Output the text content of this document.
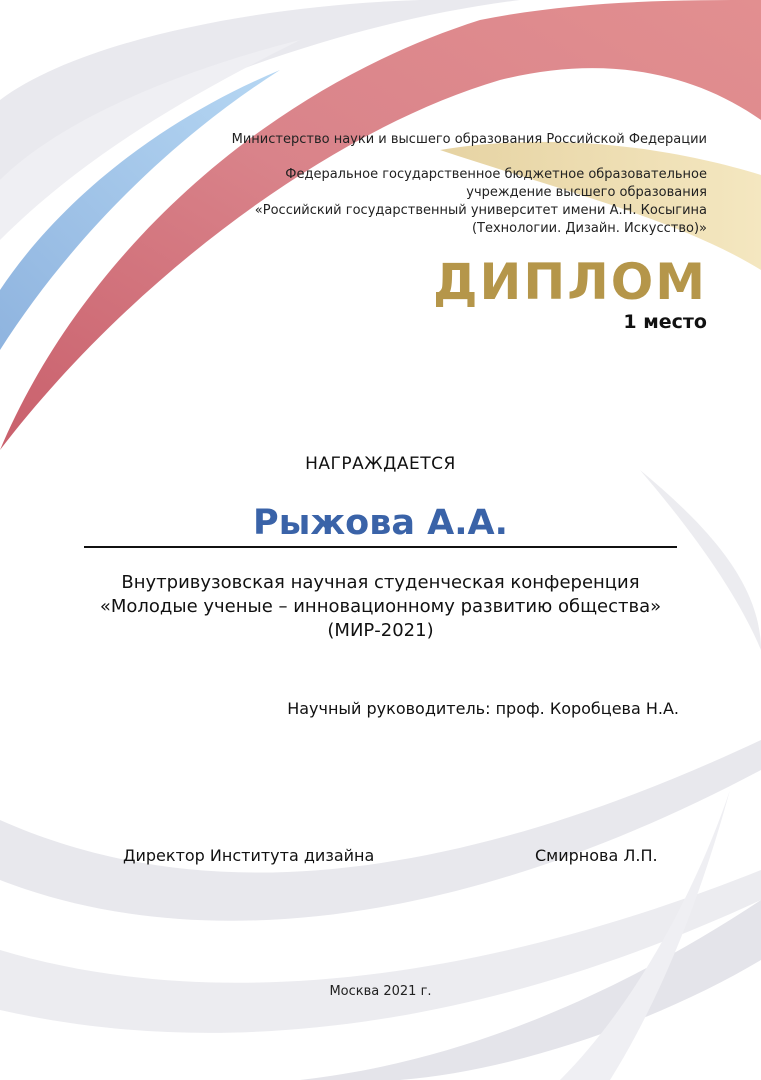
Министерство науки и высшего образования Российской Федерации
Федеральное государственное бюджетное образовательное
учреждение высшего образования
«Российский государственный университет имени А.Н. Косыгина
(Технологии. Дизайн. Искусство)»
ДИПЛОМ
1 место
НАГРАЖДАЕТСЯ
Рыжова А.А.
Внутривузовская научная студенческая конференция
«Молодые ученые – инновационному развитию общества»
(МИР-2021)
Научный руководитель: проф. Коробцева Н.А.
Директор Института дизайна	Смирнова Л.П.
Москва 2021 г.
